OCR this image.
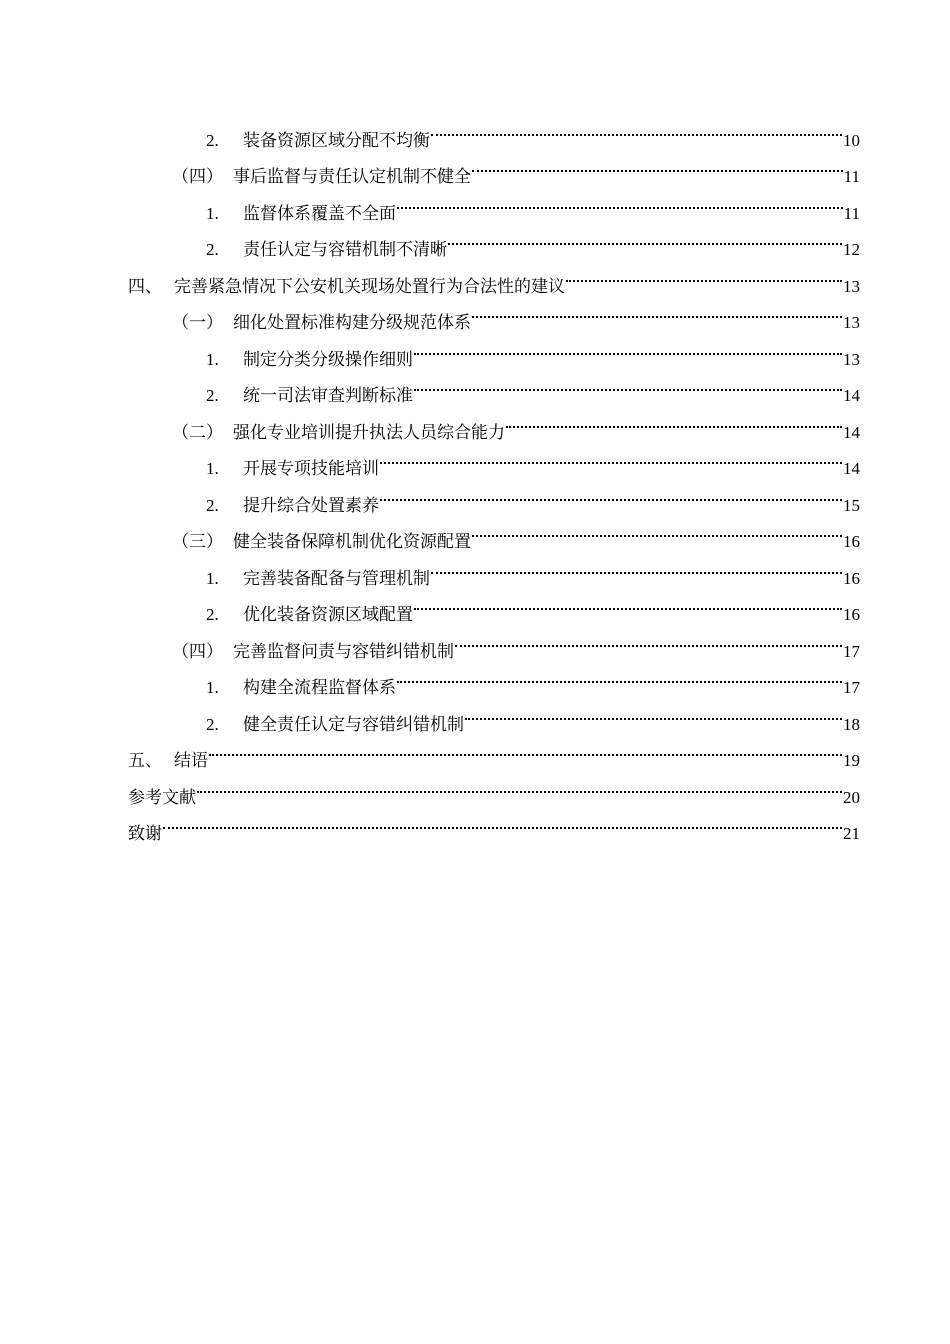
2.	装备资源区域分配不均衡	10
（四） 事后监督与责任认定机制不健全	11
1.	监督体系覆盖不全面	11
2.	责任认定与容错机制不清晰	12
四、 完善紧急情况下公安机关现场处置行为合法性的建议	13
（一） 细化处置标准构建分级规范体系	13
1.	制定分类分级操作细则	13
2.	统一司法审查判断标准	14
（二） 强化专业培训提升执法人员综合能力	14
1.	开展专项技能培训	14
2.	提升综合处置素养	15
（三） 健全装备保障机制优化资源配置	16
1.	完善装备配备与管理机制	16
2.	优化装备资源区域配置	16
（四） 完善监督问责与容错纠错机制	17
1.	构建全流程监督体系	17
2.	健全责任认定与容错纠错机制	18
五、 结语	19
参考文献	20
致谢	21
